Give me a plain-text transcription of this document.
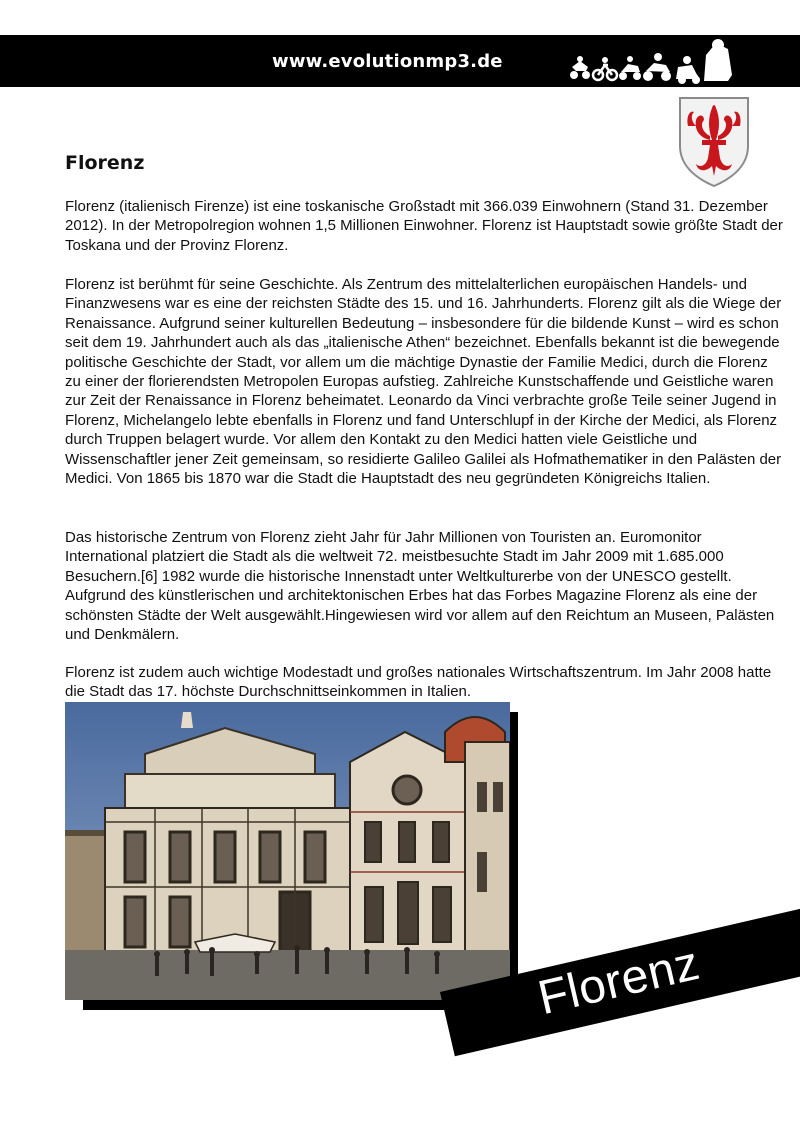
www.evolutionmp3.de
Florenz

Florenz (italienisch Firenze) ist eine toskanische Großstadt mit 366.039 Einwohnern (Stand 31. Dezember 2012). In der Metropolregion wohnen 1,5 Millionen Einwohner. Florenz ist Hauptstadt sowie größte Stadt der Toskana und der Provinz Florenz.

Florenz ist berühmt für seine Geschichte. Als Zentrum des mittelalterlichen europäischen Handels- und Finanzwesens war es eine der reichsten Städte des 15. und 16. Jahrhunderts. Florenz gilt als die Wiege der Renaissance. Aufgrund seiner kulturellen Bedeutung – insbesondere für die bildende Kunst – wird es schon seit dem 19. Jahrhundert auch als das „italienische Athen“ bezeichnet. Ebenfalls bekannt ist die bewegende politische Geschichte der Stadt, vor allem um die mächtige Dynastie der Familie Medici, durch die Florenz zu einer der florierendsten Metropolen Europas aufstieg. Zahlreiche Kunstschaffende und Geistliche waren zur Zeit der Renaissance in Florenz beheimatet. Leonardo da Vinci verbrachte große Teile seiner Jugend in Florenz, Michelangelo lebte ebenfalls in Florenz und fand Unterschlupf in der Kirche der Medici, als Florenz durch Truppen belagert wurde. Vor allem den Kontakt zu den Medici hatten viele Geistliche und Wissenschaftler jener Zeit gemeinsam, so residierte Galileo Galilei als Hofmathematiker in den Palästen der Medici. Von 1865 bis 1870 war die Stadt die Hauptstadt des neu gegründeten Königreichs Italien.

Das historische Zentrum von Florenz zieht Jahr für Jahr Millionen von Touristen an. Euromonitor International platziert die Stadt als die weltweit 72. meistbesuchte Stadt im Jahr 2009 mit 1.685.000 Besuchern.[6] 1982 wurde die historische Innenstadt unter Weltkulturerbe von der UNESCO gestellt. Aufgrund des künstlerischen und architektonischen Erbes hat das Forbes Magazine Florenz als eine der schönsten Städte der Welt ausgewählt.Hingewiesen wird vor allem auf den Reichtum an Museen, Palästen und Denkmälern.

Florenz ist zudem auch wichtige Modestadt und großes nationales Wirtschaftszentrum. Im Jahr 2008 hatte die Stadt das 17. höchste Durchschnittseinkommen in Italien.

Florenz
